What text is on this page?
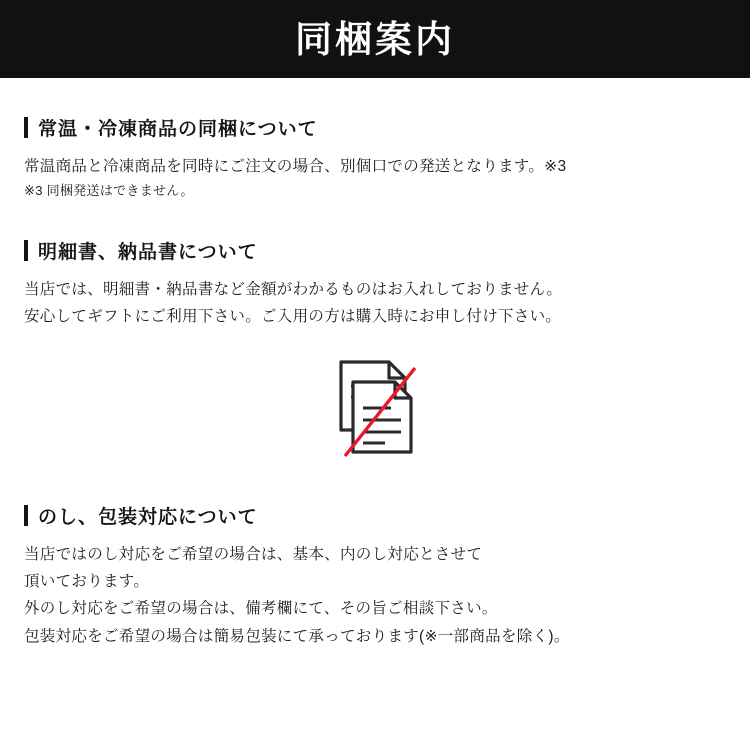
同梱案内
常温・冷凍商品の同梱について
常温商品と冷凍商品を同時にご注文の場合、別個口での発送となります。※3
※3 同梱発送はできません。
明細書、納品書について
当店では、明細書・納品書など金額がわかるものはお入れしておりません。
安心してギフトにご利用下さい。ご入用の方は購入時にお申し付け下さい。
のし、包装対応について
当店ではのし対応をご希望の場合は、基本、内のし対応とさせて
頂いております。
外のし対応をご希望の場合は、備考欄にて、その旨ご相談下さい。
包装対応をご希望の場合は簡易包装にて承っております(※一部商品を除く)。
